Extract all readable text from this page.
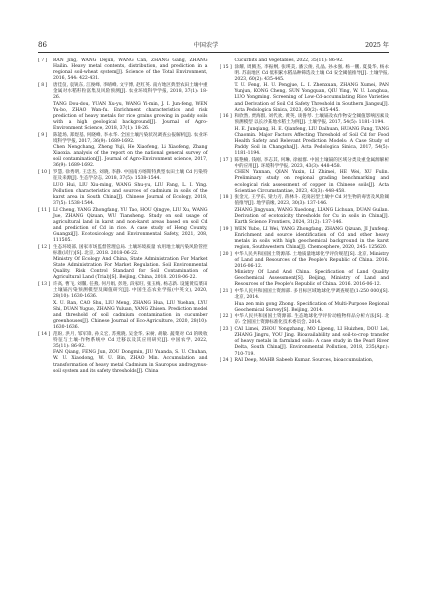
86	中国农学	2025 年
[ 7 ]	RAN Jing, WANG Dejun, WANG Can, ZHANG Gang, ZHANG Hailin. Heavy metal contents, distribution, and prediction in a regional soil-wheat system[J]. Science of the Total Environment, 2016, 544: 422-431.
[ 8 ]	唐佳仪, 袁锐东, 江俊峰, 李晴峰, 文宇博, 赵红英. 南方地区典型农田土壤中重金属对水稻籽粒富集及风险预测[J]. 农业环境科学学报, 2018, 37(1): 18-26.
TANG Dou-dou, YUAN Xu-yu, WANG Yi-min, J. I. Jun-feng, WEN Yu-bo, ZHAO Wan-fu. Enrichment characteristics and risk prediction of heavy metals for rice grains growing in paddy soils with a high geological background[J]. Journal of Agro-Environment Science, 2018, 37(1): 18-26.
[ 9 ]	陈能场, 郑煜基, 何晓峰, 李永华. 全国土壤污染状况调查公报解析[J]. 农业环境科学学报, 2017, 36(9): 1689-1692.
Chen Nengchang, Zheng Yuji, He Xiaofeng, Li Xiaofeng, Zhang Xiaoxia. analysis of the report on the national general survey of soil contamination[J]. Journal of Agro-Environment science, 2017, 36(9): 1689-1692.
[ 10 ] 罗慧, 徐秀明, 王忠杰, 刘晓, 李静. 中国南方喀斯特典型农田土壤 Cd 污染特征及来源[J]. 生态学杂志, 2018, 37(5): 1538-1544.
LUO Hui, LIU Xiu-ming, WANG Shu-yu, LIU Fang, L. I. Ying. Pollution characteristics and sources of cadmium in soils of the karst area in South China[J]. Chinese Journal of Ecology, 2018, 37(5): 1538-1544.
[ 11 ] LI Cheng, YANG Zhongfang, YU Tao, HOU Qingye, LIU Xu, WANG Jue, ZHANG Qizuan, WU Tiansheng. Study on soil usage of agricultural land in karst and non-karst areas based on soil Cd and prediction of Cd in rice. A case study of Heng County, Guangxi[J]. Ecotoxicology and Environmental Safety, 2021, 208, 111505.
[ 12 ] 生态环境部, 国家市场监督管理总局. 土壤环境质量 农用地土壤污染风险管控标准(试行)[S]. 北京, 2018. 2018-06-22.
Ministry Of Ecology And China, State Administration For Market State Administration For Market Regulation. Soil Environmental Quality. Risk Control Standard for Soil Contamination of Agricultural Land (Trial)[S]. Beijing, China, 2018. 2018-06-22.
[ 13 ] 许高, 曹飞, 刘馨, 任燕, 何月娟, 彭进, 段家旺, 张玉梅, 杨志新. 设施黄瓜菜田土壤镉污染预测模型及阈值研究[J]. 中国生态农业学报(中英文), 2020, 28(10): 1630-1636.
X. U. Ran, CAO Shu, LIU Meng, ZHANG Hua, LIU Yuehan, LYU Shi, DUAN Yuguo, ZHANG Yuluan, YANG Zhisen. Prediction model and threshold of soil cadmium contamination in cucumber greenhouses[J]. Chinese Journal of Eco-Agriculture, 2020, 28(10): 1630-1636.
[ 14 ] 范盼, 洪月, 邹军锋, 孙义宏, 苏燕晓, 吴金华, 宋树, 胡敏. 蔬菜对 Cd 的吸收特征与土壤-作物系统中 Cd 迁移以及其应用研究[J]. 中国农学, 2022, 35(11): 86-92.
FAN Qiang, FENG Jun, ZOU Dongmin, JIU Yuanda, S. U. Chuhan, W. U. Xiaodong, W. U. Bin, ZHAO Min. Accumulation and transformation of heavy metal Cadmium in Sauropus androgynus-soil system and its safety thresholds[J]. China
Cucurbits and Vegetables, 2022, 35(11): 86-92.
[ 15 ] 涂耀, 周腾杰, 李振纲, 张瑛美, 潘云俊, 孔晶, 孙永强, 杨一鹏, 夏曼华, 杨永明. 苏南地区 Cd 低积累水稻品种筛选及土壤 Cd 安全阈值推导[J]. 土壤学报, 2023, 60(2): 435-445.
T. U. Feng, H. U. Pengjue, L. I. Zhenxuan, ZHANG Xumei, PAN Yunjun, KONG Cheng, SUN Yongquan, QIU Ying, W. U. Longhua, LUO Yongming. Screening of Low-Cd-accumulating Rice Varieties and Derivation of Soil Cd Safety Threshold in Southern Jiangsu[J]. Acta Pedologica Sinica, 2023, 60(2): 435-445.
[ 16 ] 和欣然, 贾海群, 刘代欢, 黄英, 谈鲁琴. 土壤镉及农作物安全阈值影响因素及预测模型 以长沙某地水稻土为例[J]. 土壤学报, 2017, 54(5): 1181-1194.
H. E. Junqiang, H. E. Qianfeng, LIU Daihuan, HUANG Fang, TANG Chaomin. Major Factors Affecting Threshold of Soil Cd for Food Health Safety and Relevant Prediction Models: A Case Study of Paddy Soil in Changsha[J]. Acta Pedologica Sinica, 2017, 54(5): 1181-1194.
[ 17 ] 陈艳楠, 钱刚, 李志其, 何琳, 徐福群. 中国土壤镉的区域分类及重金属源解析中的应用[J]. 环境科学学报, 2023, 43(3): 448-458.
CHEN Yannan, QIAN Yuxin, LI Zhimei, HE Wei, XU Fulin. Preliminary study on regional grading benchmarking and ecological risk assessment of copper in Chinese soils[J]. Acta Scientiae Circumstantiae, 2023, 43(3): 448-458.
[ 18 ] 张金元, 王学东, 梁力刃, 蒋林斗. 花岗岩型土壤中 Cd 对生物的毒害及风险阈值推导[J]. 地学前缘, 2023, 30(3): 137-146.
ZHANG Jingyuan, WANG Xuedong, LIANG Lichuan, DUAN Guilan. Derivation of ecotoxicity thresholds for Cu in soils in China[J]. Earth Science Frontiers, 2024, 31(2): 137-146.
[ 19 ] WEN Yubo, LI Wei, YANG Zhongfang, ZHANG Qizuan, JI Junfeng. Enrichment and source identification of Cd and other heavy metals in soils with high geochemical background in the karst region, Southwestern China[J]. Chemosphere, 2020, 245: 125620.
[ 20 ] 中华人民共和国国土资源部. 土地质量地球化学评价规范[S]. 北京, Ministry of Land and Resources of the People's Republic of China. 2016. 2016-06-12.
Ministry Of Land And China. Specification of Land Quality Geochemical Assessment[S]. Beijing, Ministry of Land and Resources of the People's Republic of China. 2016. 2016-06-12.
[ 21 ] 中华人民共和国国土资源部. 多目标区域地球化学调查规范(1:250 000)[S]. 北京, 2014.
Hua zen min gong Zhong. Specification of Multi-Purpose Regional Geochemical Survey[S]. Beijing, 2014.
[ 22 ] 中华人民共和国国土资源部. 生态地球化学评价动植物样品分析方法[S]. 北京: 全国国土资源标准化技术委员会, 2014.
[ 23 ] CAI Limei, ZHOU Yongzhang, MO Lipeng, LI Huizhen, DOU Lei, ZHANG Jingru, YOU Jing. Bioavailability and soil-to-crop transfer of heavy metals in farmland soils: A case study in the Pearl River Delta, South China[J]. Environmental Pollution, 2018, 235(Apr.): 710-719.
[ 24 ] RAI Deep, MAHB Sabeeb Kumar. Sources, bioaccumulation,
